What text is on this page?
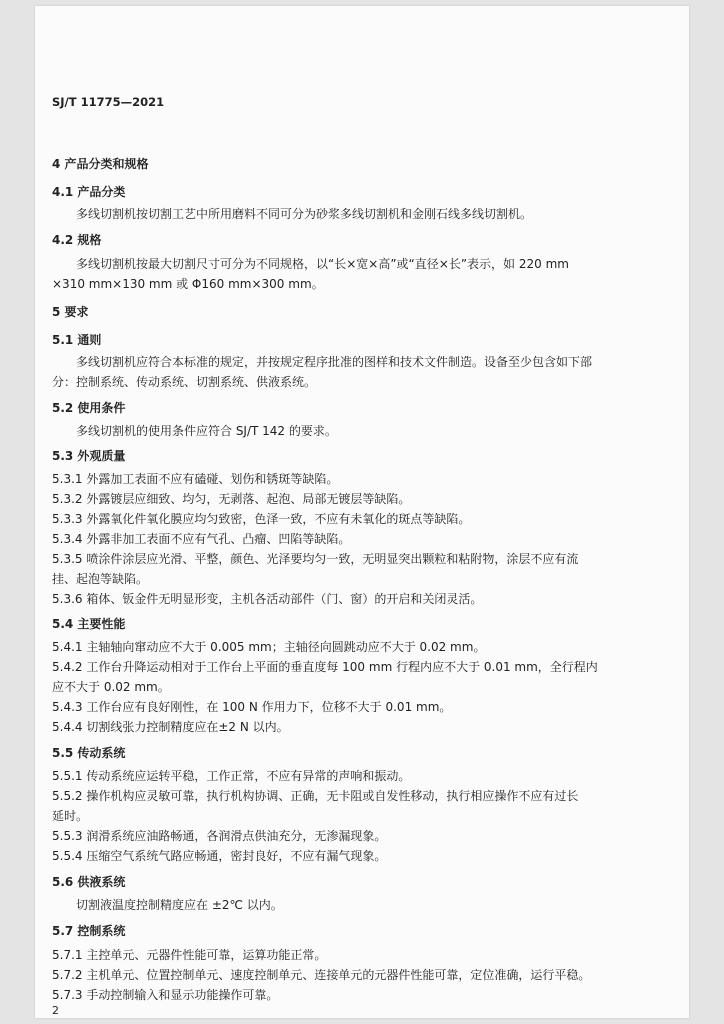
SJ/T 11775—2021
4 产品分类和规格
4.1 产品分类
多线切割机按切割工艺中所用磨料不同可分为砂浆多线切割机和金刚石线多线切割机。
4.2 规格
多线切割机按最大切割尺寸可分为不同规格，以“长×宽×高”或“直径×长”表示，如 220 mm
×310 mm×130 mm 或 Φ160 mm×300 mm。
5 要求
5.1 通则
多线切割机应符合本标准的规定，并按规定程序批准的图样和技术文件制造。设备至少包含如下部
分：控制系统、传动系统、切割系统、供液系统。
5.2 使用条件
多线切割机的使用条件应符合 SJ/T 142 的要求。
5.3 外观质量
5.3.1 外露加工表面不应有磕碰、划伤和锈斑等缺陷。
5.3.2 外露镀层应细致、均匀，无剥落、起泡、局部无镀层等缺陷。
5.3.3 外露氧化件氧化膜应均匀致密，色泽一致，不应有未氧化的斑点等缺陷。
5.3.4 外露非加工表面不应有气孔、凸瘤、凹陷等缺陷。
5.3.5 喷涂件涂层应光滑、平整，颜色、光泽要均匀一致，无明显突出颗粒和粘附物，涂层不应有流
挂、起泡等缺陷。
5.3.6 箱体、钣金件无明显形变，主机各活动部件（门、窗）的开启和关闭灵活。
5.4 主要性能
5.4.1 主轴轴向窜动应不大于 0.005 mm；主轴径向圆跳动应不大于 0.02 mm。
5.4.2 工作台升降运动相对于工作台上平面的垂直度每 100 mm 行程内应不大于 0.01 mm，全行程内
应不大于 0.02 mm。
5.4.3 工作台应有良好刚性，在 100 N 作用力下，位移不大于 0.01 mm。
5.4.4 切割线张力控制精度应在±2 N 以内。
5.5 传动系统
5.5.1 传动系统应运转平稳，工作正常，不应有异常的声响和振动。
5.5.2 操作机构应灵敏可靠，执行机构协调、正确，无卡阻或自发性移动，执行相应操作不应有过长
延时。
5.5.3 润滑系统应油路畅通，各润滑点供油充分，无渗漏现象。
5.5.4 压缩空气系统气路应畅通，密封良好，不应有漏气现象。
5.6 供液系统
切割液温度控制精度应在 ±2℃ 以内。
5.7 控制系统
5.7.1 主控单元、元器件性能可靠，运算功能正常。
5.7.2 主机单元、位置控制单元、速度控制单元、连接单元的元器件性能可靠，定位准确，运行平稳。
5.7.3 手动控制输入和显示功能操作可靠。
2
